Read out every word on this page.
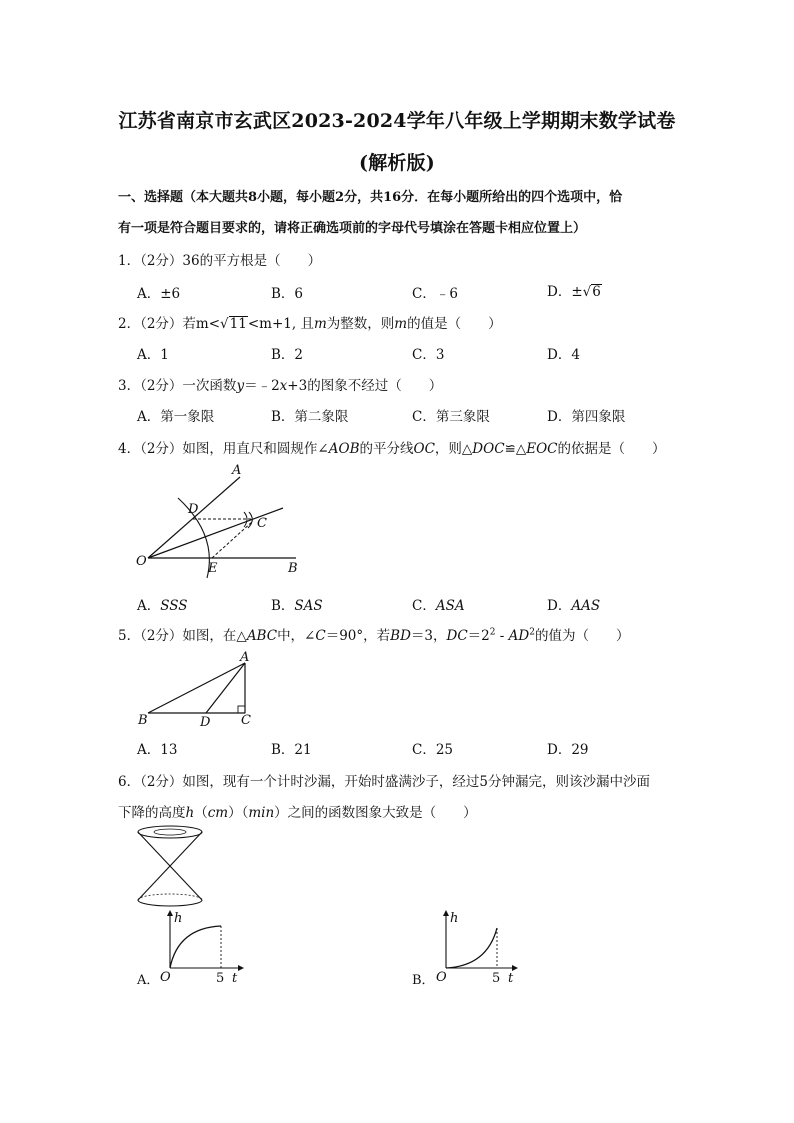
江苏省南京市玄武区2023-2024学年八年级上学期期末数学试卷
(解析版)
一、选择题（本大题共8小题，每小题2分，共16分．在每小题所给出的四个选项中，恰
有一项是符合题目要求的，请将正确选项前的字母代号填涂在答题卡相应位置上）
1．（2分）36的平方根是（　　）
A．±6	B．6	C．﹣6	D．±√6
2．（2分）若m<√11<m+1, 且m为整数，则m的值是（　　）
A．1	B．2	C．3	D．4
3．（2分）一次函数y＝﹣2x+3的图象不经过（　　）
A．第一象限	B．第二象限	C．第三象限	D．第四象限
4．（2分）如图，用直尺和圆规作∠AOB的平分线OC，则△DOC≌△EOC的依据是（　　）
A
D
C
O	E	B
A
B	D C
h
O	5 t
A．
h
O	5 t
B．
A．SSS	B．SAS	C．ASA	D．AAS
5．（2分）如图，在△ABC中，∠C＝90°，若BD＝3，$DC=2^2 - AD^2$的值为（　　）
A．13	B．21	C．25	D．29
6．（2分）如图，现有一个计时沙漏，开始时盛满沙子，经过5分钟漏完，则该沙漏中沙面
下降的高度h（cm）（min）之间的函数图象大致是（　　）
